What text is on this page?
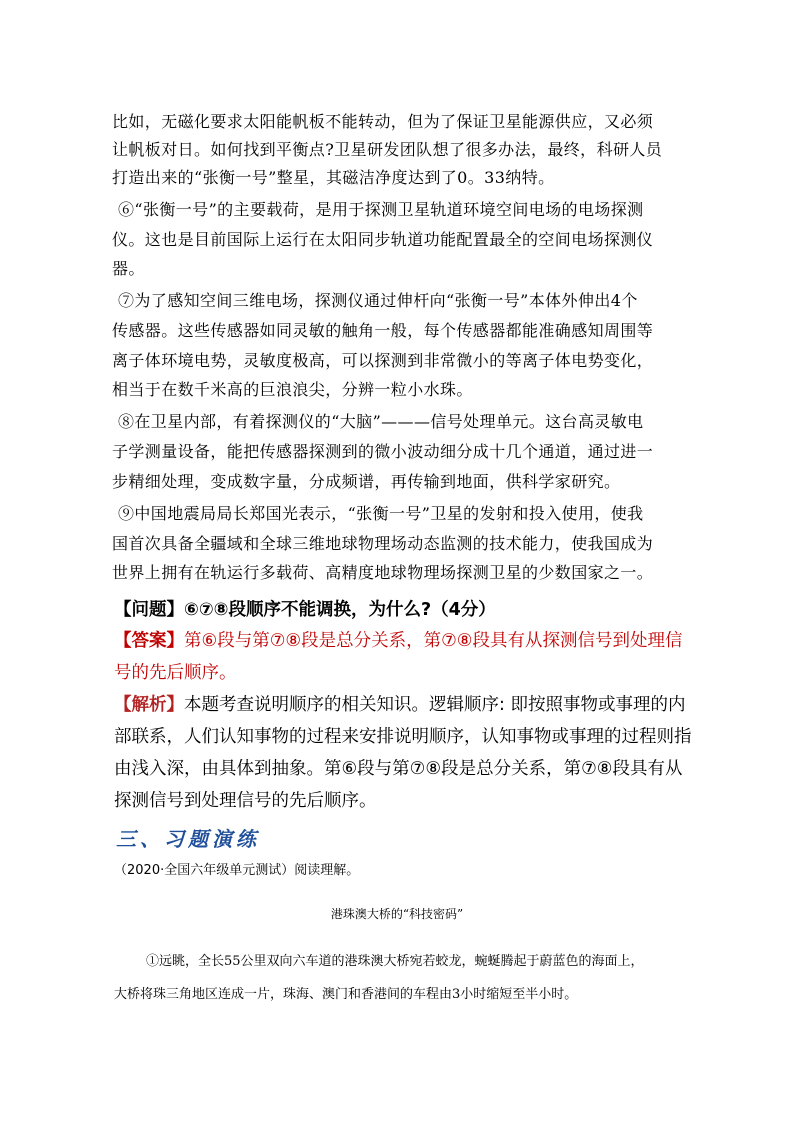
比如，无磁化要求太阳能帆板不能转动，但为了保证卫星能源供应，又必须
让帆板对日。如何找到平衡点?卫星研发团队想了很多办法，最终，科研人员
打造出来的“张衡一号”整星，其磁洁净度达到了0。33纳特。
⑥“张衡一号”的主要载荷，是用于探测卫星轨道环境空间电场的电场探测
仪。这也是目前国际上运行在太阳同步轨道功能配置最全的空间电场探测仪
器。
⑦为了感知空间三维电场，探测仪通过伸杆向“张衡一号”本体外伸出4个
传感器。这些传感器如同灵敏的触角一般，每个传感器都能准确感知周围等
离子体环境电势，灵敏度极高，可以探测到非常微小的等离子体电势变化，
相当于在数千米高的巨浪浪尖，分辨一粒小水珠。
⑧在卫星内部，有着探测仪的“大脑”———信号处理单元。这台高灵敏电
子学测量设备，能把传感器探测到的微小波动细分成十几个通道，通过进一
步精细处理，变成数字量，分成频谱，再传输到地面，供科学家研究。
⑨中国地震局局长郑国光表示，“张衡一号”卫星的发射和投入使用，使我
国首次具备全疆域和全球三维地球物理场动态监测的技术能力，使我国成为
世界上拥有在轨运行多载荷、高精度地球物理场探测卫星的少数国家之一。
【问题】⑥⑦⑧段顺序不能调换，为什么?（4分）
【答案】第⑥段与第⑦⑧段是总分关系，第⑦⑧段具有从探测信号到处理信
号的先后顺序。
【解析】本题考查说明顺序的相关知识。逻辑顺序: 即按照事物或事理的内
部联系，人们认知事物的过程来安排说明顺序，认知事物或事理的过程则指
由浅入深，由具体到抽象。第⑥段与第⑦⑧段是总分关系，第⑦⑧段具有从
探测信号到处理信号的先后顺序。
三、习题演练
（2020·全国六年级单元测试）阅读理解。
港珠澳大桥的“科技密码”
①远眺，全长55公里双向六车道的港珠澳大桥宛若蛟龙，蜿蜒腾起于蔚蓝色的海面上，
大桥将珠三角地区连成一片，珠海、澳门和香港间的车程由3小时缩短至半小时。
